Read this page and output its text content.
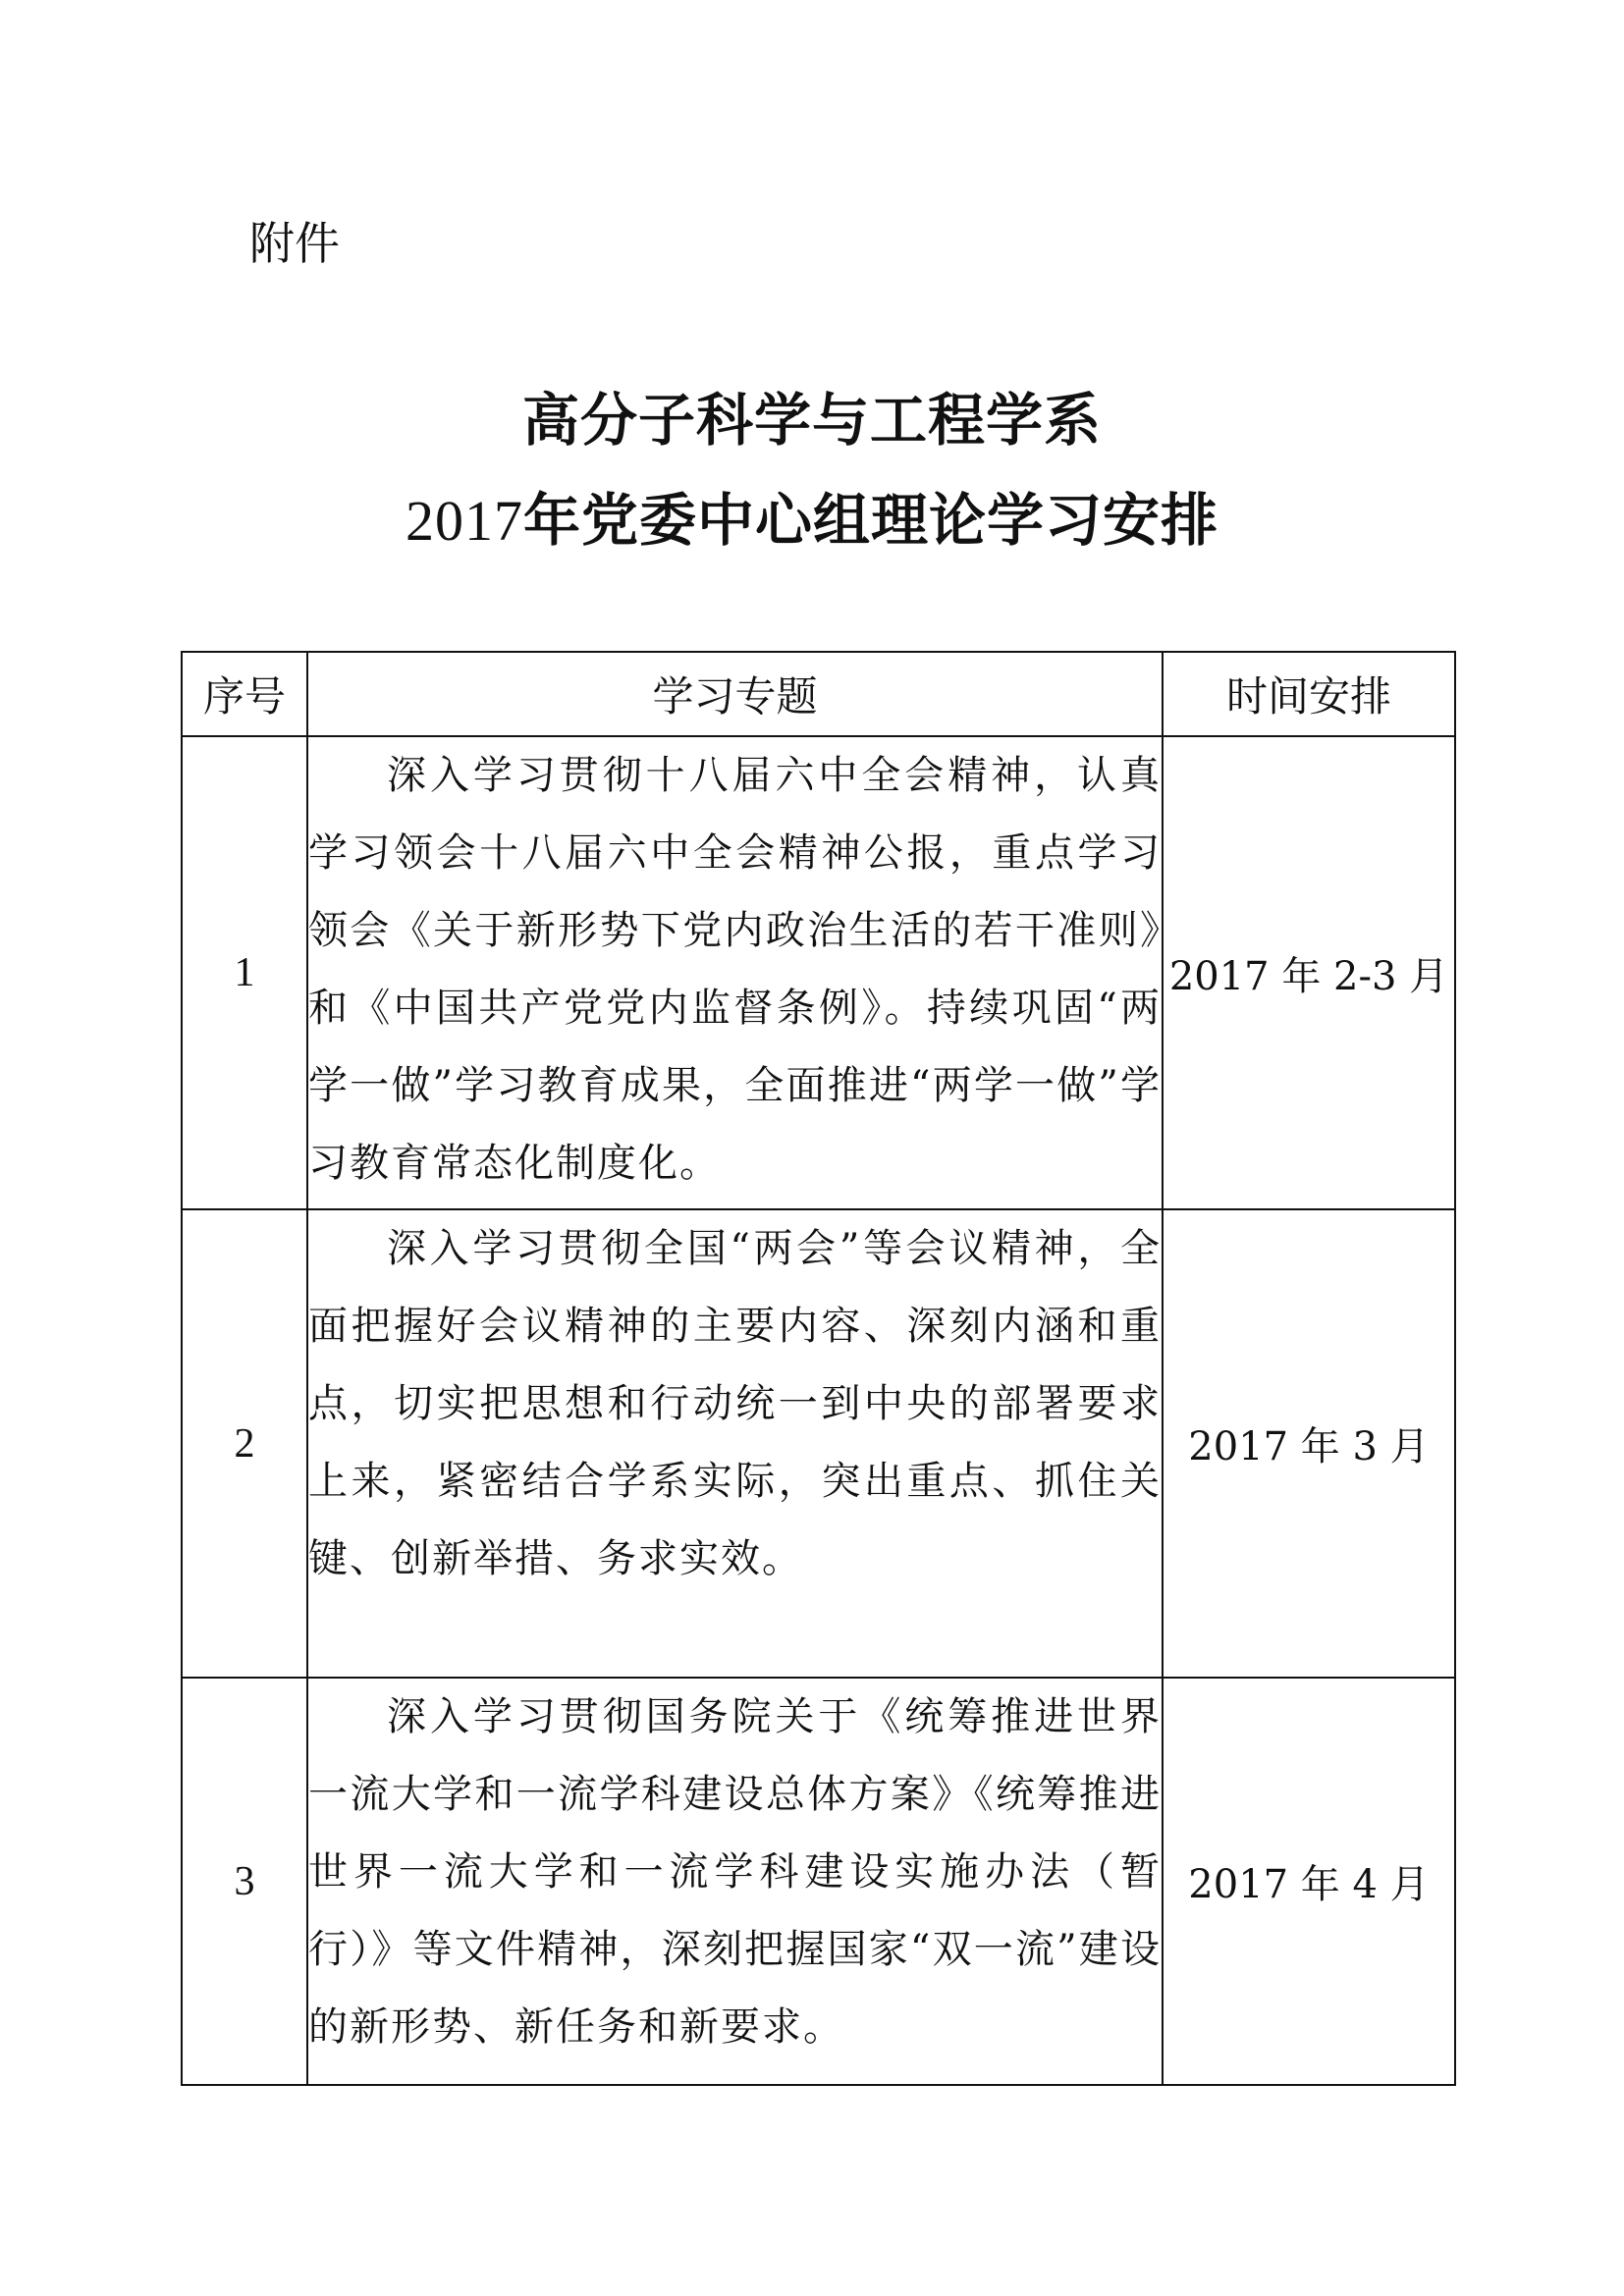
附件
高分子科学与工程学系
2017年党委中心组理论学习安排
序号	学习专题	时间安排
1	深入学习贯彻十八届六中全会精神，认真学习领会十八届六中全会精神公报，重点学习领会《关于新形势下党内政治生活的若干准则》和《中国共产党党内监督条例》。持续巩固“两学一做”学习教育成果，全面推进“两学一做”学习教育常态化制度化。	2017 年 2-3 月
2	深入学习贯彻全国“两会”等会议精神，全面把握好会议精神的主要内容、深刻内涵和重点，切实把思想和行动统一到中央的部署要求上来，紧密结合学系实际，突出重点、抓住关键、创新举措、务求实效。	2017 年 3 月
3	深入学习贯彻国务院关于《统筹推进世界一流大学和一流学科建设总体方案》《统筹推进世界一流大学和一流学科建设实施办法（暂行）》等文件精神，深刻把握国家“双一流”建设的新形势、新任务和新要求。	2017 年 4 月
